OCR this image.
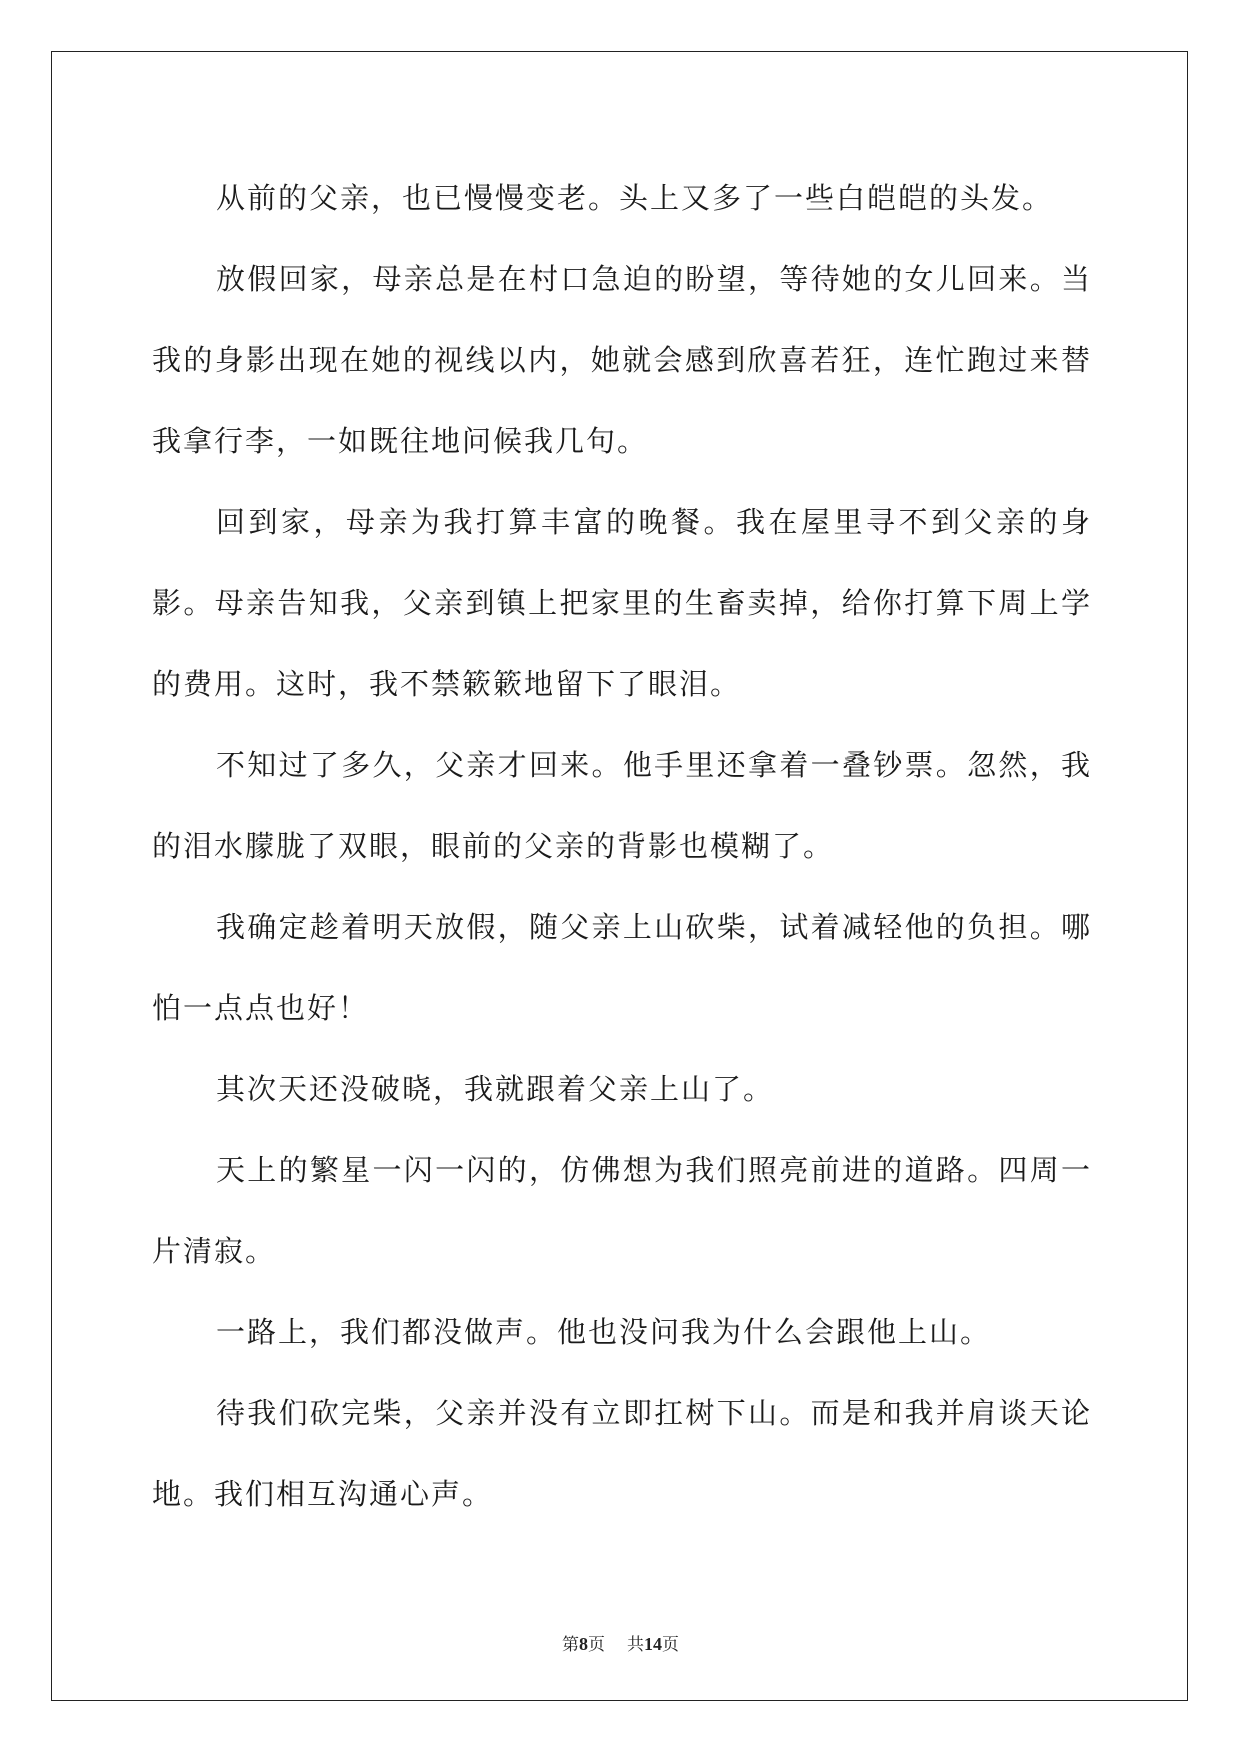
从前的父亲，也已慢慢变老。头上又多了一些白皑皑的头发。

放假回家，母亲总是在村口急迫的盼望，等待她的女儿回来。当我的身影出现在她的视线以内，她就会感到欣喜若狂，连忙跑过来替我拿行李，一如既往地问候我几句。

回到家，母亲为我打算丰富的晚餐。我在屋里寻不到父亲的身影。母亲告知我，父亲到镇上把家里的生畜卖掉，给你打算下周上学的费用。这时，我不禁簌簌地留下了眼泪。

不知过了多久，父亲才回来。他手里还拿着一叠钞票。忽然，我的泪水朦胧了双眼，眼前的父亲的背影也模糊了。

我确定趁着明天放假，随父亲上山砍柴，试着减轻他的负担。哪怕一点点也好！

其次天还没破晓，我就跟着父亲上山了。

天上的繁星一闪一闪的，仿佛想为我们照亮前进的道路。四周一片清寂。

一路上，我们都没做声。他也没问我为什么会跟他上山。

待我们砍完柴，父亲并没有立即扛树下山。而是和我并肩谈天论地。我们相互沟通心声。

第8页 共14页
